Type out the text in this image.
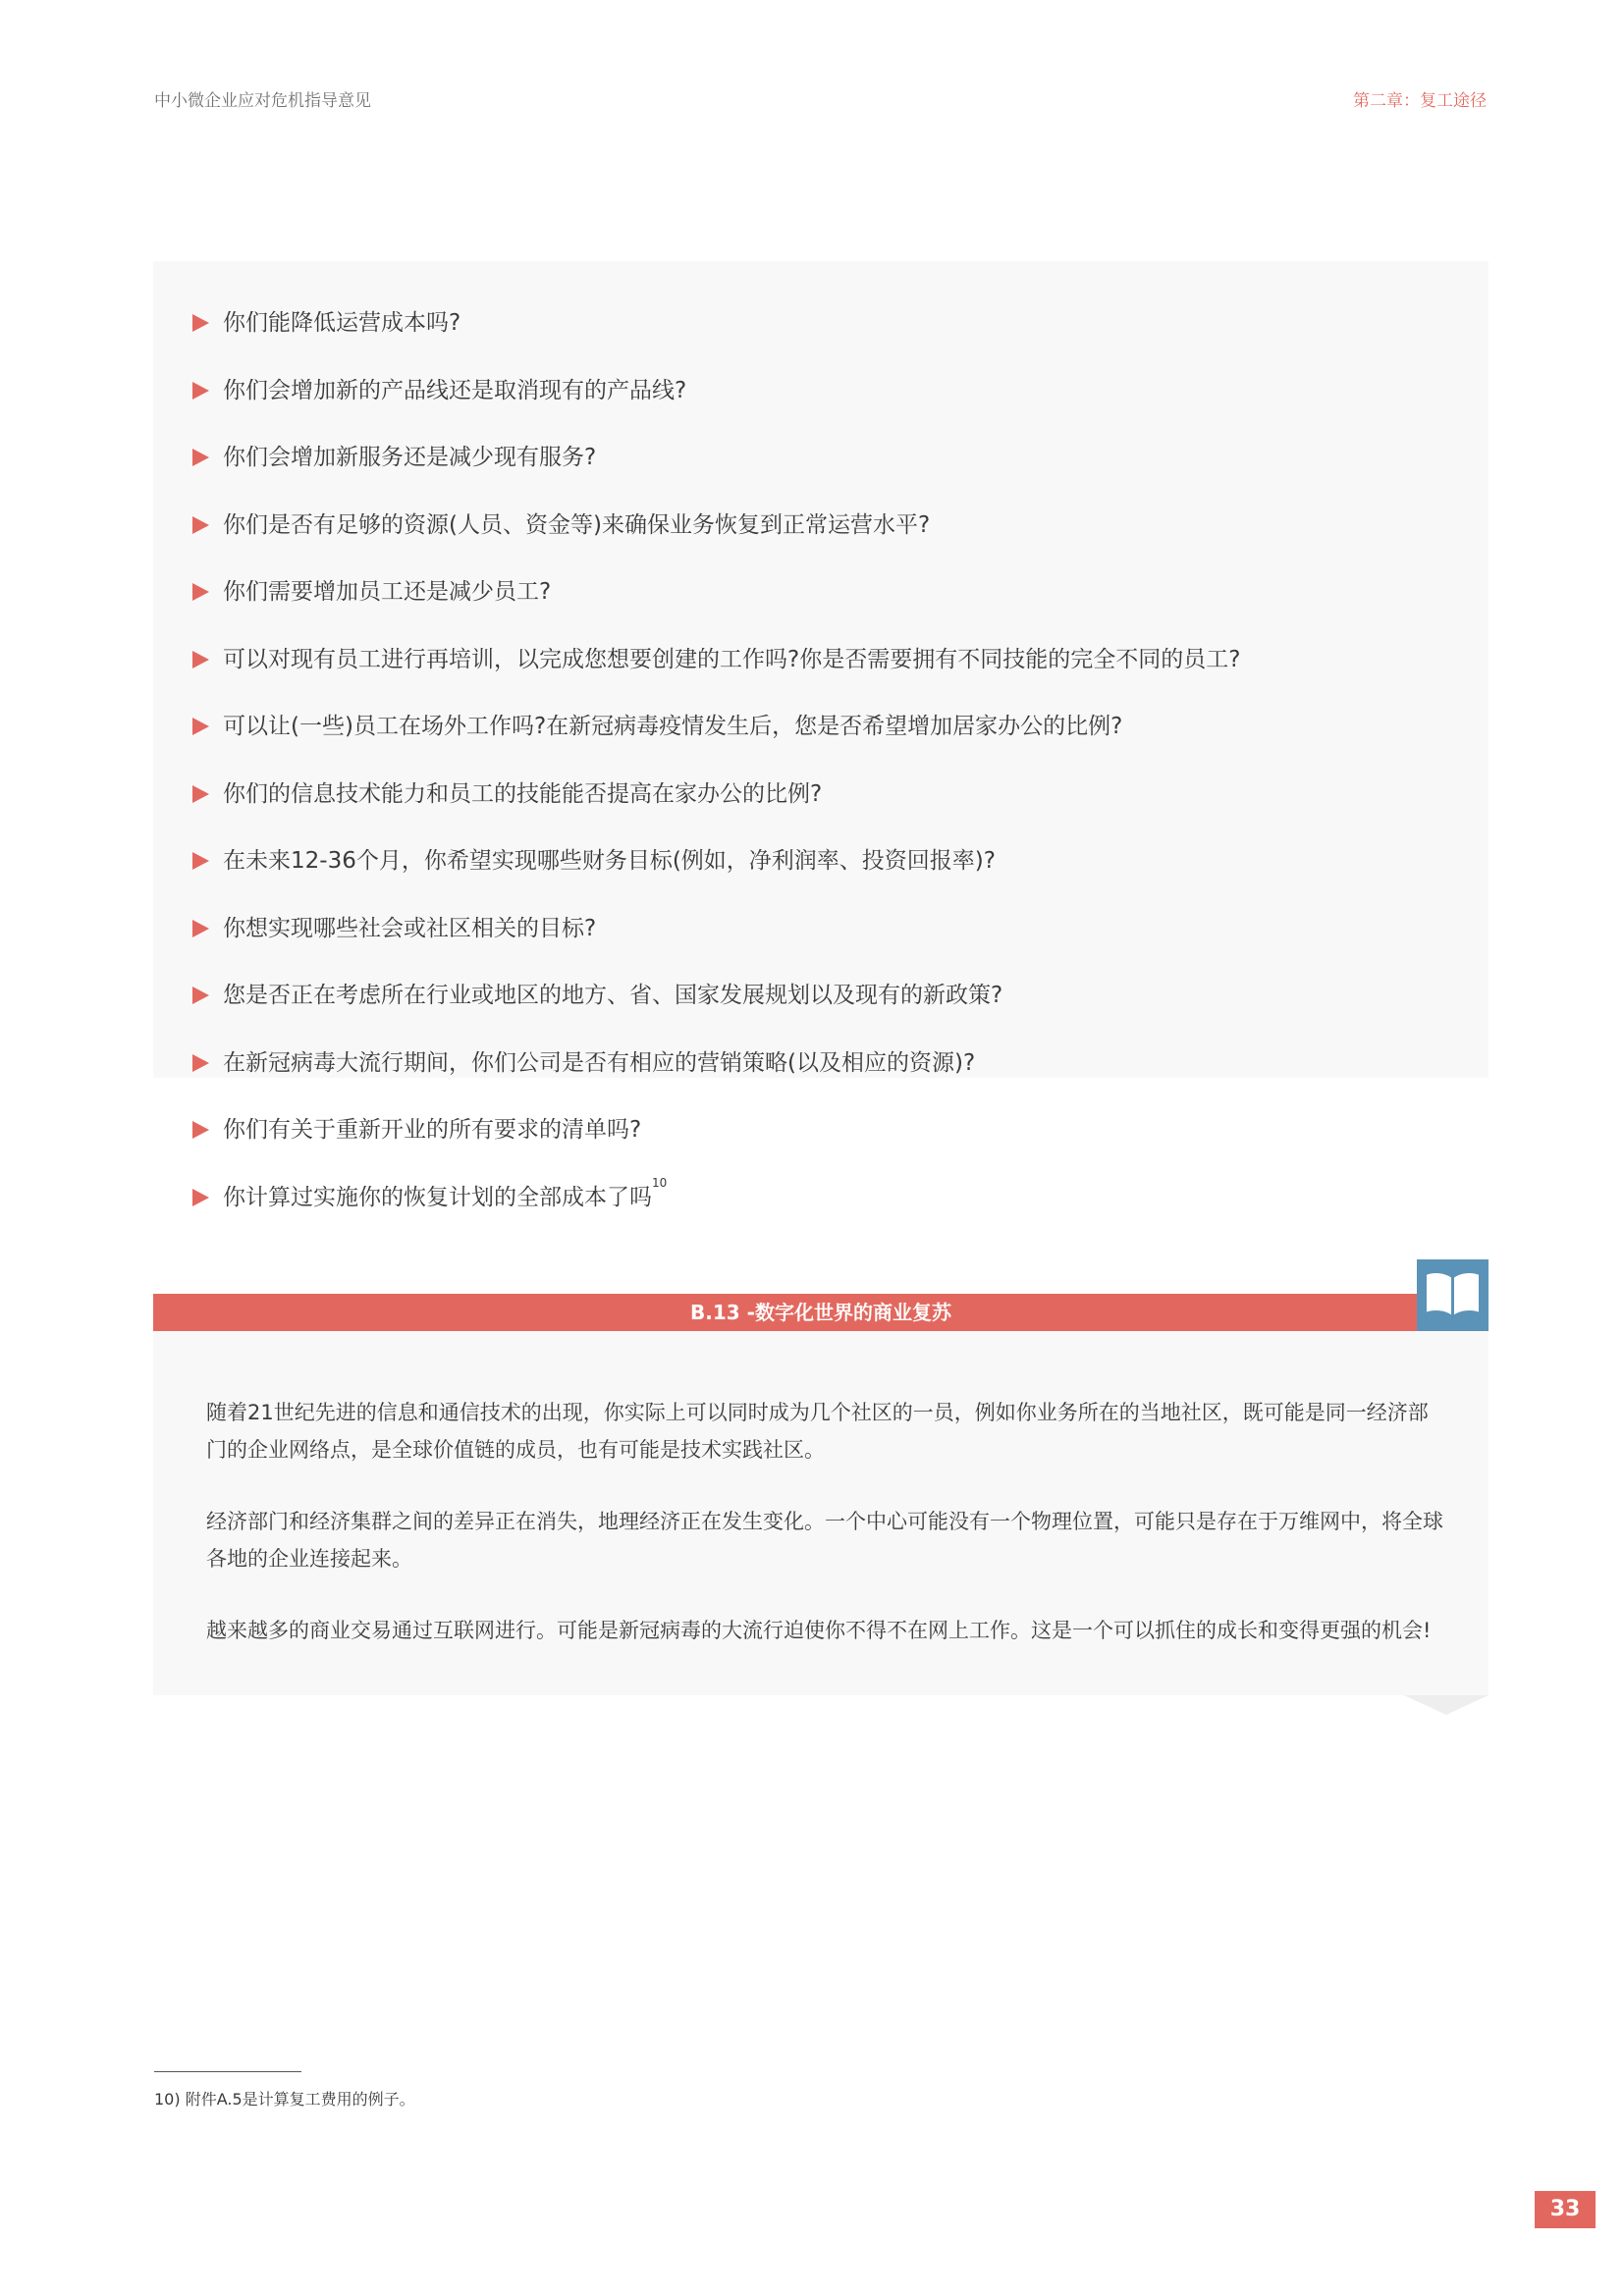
中小微企业应对危机指导意见	第二章：复工途径
你们能降低运营成本吗?
你们会增加新的产品线还是取消现有的产品线?
你们会增加新服务还是减少现有服务?
你们是否有足够的资源(人员、资金等)来确保业务恢复到正常运营水平?
你们需要增加员工还是减少员工?
可以对现有员工进行再培训，以完成您想要创建的工作吗?你是否需要拥有不同技能的完全不同的员工?
可以让(一些)员工在场外工作吗?在新冠病毒疫情发生后，您是否希望增加居家办公的比例?
你们的信息技术能力和员工的技能能否提高在家办公的比例?
在未来12-36个月，你希望实现哪些财务目标(例如，净利润率、投资回报率)?
你想实现哪些社会或社区相关的目标?
您是否正在考虑所在行业或地区的地方、省、国家发展规划以及现有的新政策?
在新冠病毒大流行期间，你们公司是否有相应的营销策略(以及相应的资源)?
你们有关于重新开业的所有要求的清单吗?
你计算过实施你的恢复计划的全部成本了吗
10
B.13 -数字化世界的商业复苏

随着21世纪先进的信息和通信技术的出现，你实际上可以同时成为几个社区的一员，例如你业务所在的当地社区，既可能是同一经济部门的企业网络点，是全球价值链的成员，也有可能是技术实践社区。

经济部门和经济集群之间的差异正在消失，地理经济正在发生变化。一个中心可能没有一个物理位置，可能只是存在于万维网中，将全球各地的企业连接起来。

越来越多的商业交易通过互联网进行。可能是新冠病毒的大流行迫使你不得不在网上工作。这是一个可以抓住的成长和变得更强的机会!

10) 附件A.5是计算复工费用的例子。
33
